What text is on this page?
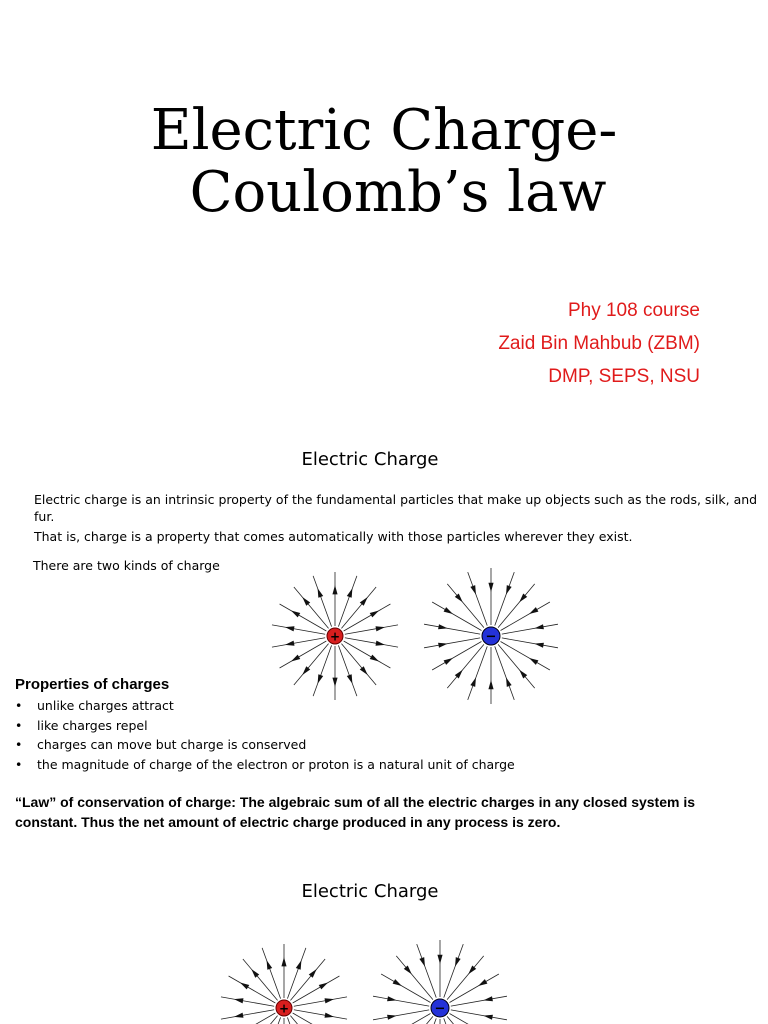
Electric Charge-
Coulomb’s law
Phy 108 course
Zaid Bin Mahbub (ZBM)
DMP, SEPS, NSU
Electric Charge
Electric charge is an intrinsic property of the fundamental particles that make up objects such as the rods, silk, and fur.
That is, charge is a property that comes automatically with those particles wherever they exist.
There are two kinds of charge
+	−
Properties of charges
• unlike charges attract
• like charges repel
• charges can move but charge is conserved
• the magnitude of charge of the electron or proton is a natural unit of charge
“Law” of conservation of charge: The algebraic sum of all the electric charges in any closed system is constant. Thus the net amount of electric charge produced in any process is zero.
Electric Charge
+	−
